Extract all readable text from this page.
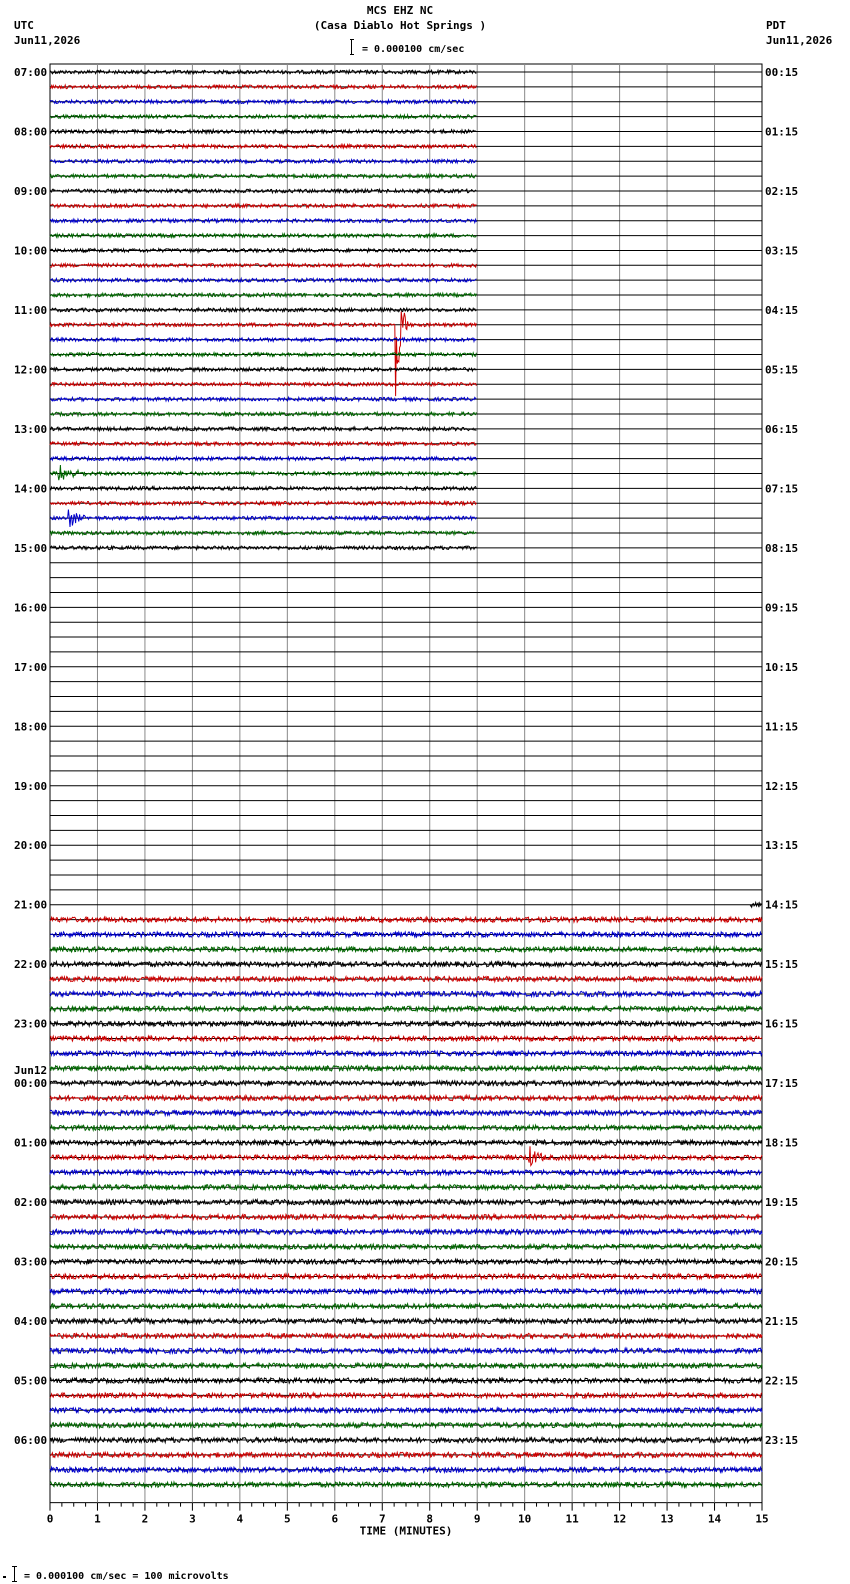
MCS EHZ NC
(Casa Diablo Hot Springs )
UTC
Jun11,2026
PDT
Jun11,2026
= 0.000100 cm/sec
07:00
08:00
09:00
10:00
11:00
12:00
13:00
14:00
15:00
16:00
17:00
18:00
19:00
20:00
21:00
22:00
23:00
00:00
Jun12
01:00
02:00
03:00
04:00
05:00
06:00
00:15
01:15
02:15
03:15
04:15
05:15
06:15
07:15
08:15
09:15
10:15
11:15
12:15
13:15
14:15
15:15
16:15
17:15
18:15
19:15
20:15
21:15
22:15
23:15
0	1	2	3	4	5	6	7	8	9	10	11	12	13	14	15
TIME (MINUTES)
= 0.000100 cm/sec = 100 microvolts
